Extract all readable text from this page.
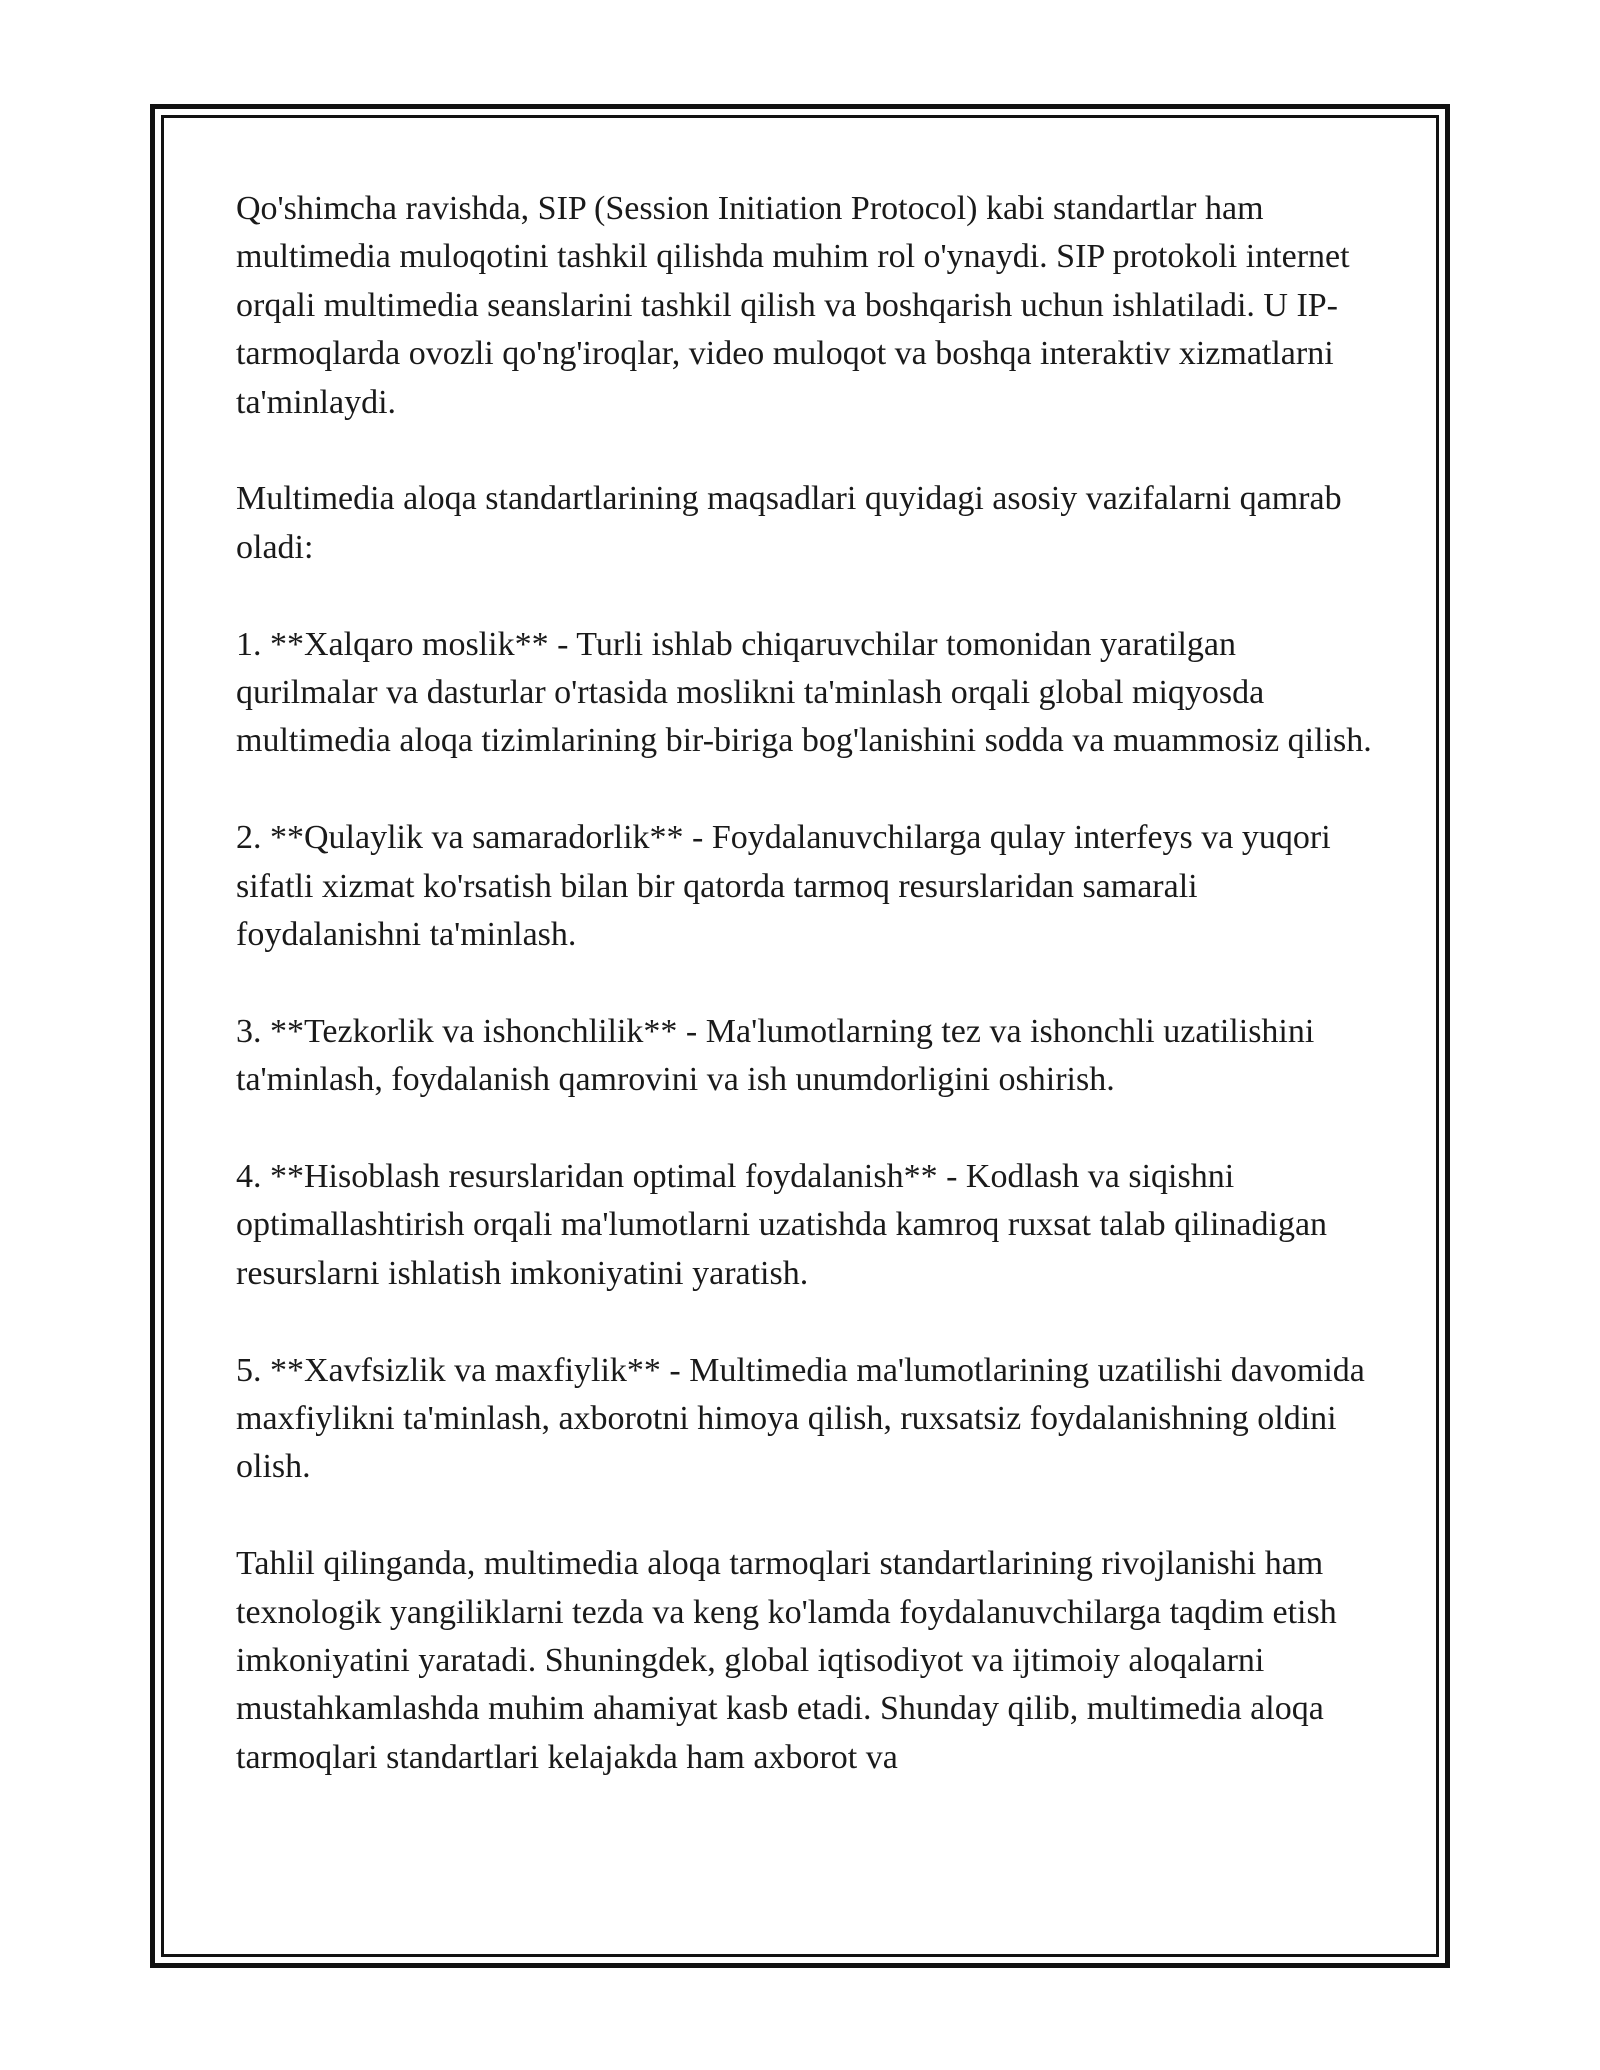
Qo'shimcha ravishda, SIP (Session Initiation Protocol) kabi standartlar ham multimedia muloqotini tashkil qilishda muhim rol o'ynaydi. SIP protokoli internet orqali multimedia seanslarini tashkil qilish va boshqarish uchun ishlatiladi. U IP-tarmoqlarda ovozli qo'ng'iroqlar, video muloqot va boshqa interaktiv xizmatlarni ta'minlaydi.

Multimedia aloqa standartlarining maqsadlari quyidagi asosiy vazifalarni qamrab oladi:

1. **Xalqaro moslik** - Turli ishlab chiqaruvchilar tomonidan yaratilgan qurilmalar va dasturlar o'rtasida moslikni ta'minlash orqali global miqyosda multimedia aloqa tizimlarining bir-biriga bog'lanishini sodda va muammosiz qilish.

2. **Qulaylik va samaradorlik** - Foydalanuvchilarga qulay interfeys va yuqori sifatli xizmat ko'rsatish bilan bir qatorda tarmoq resurslaridan samarali foydalanishni ta'minlash.

3. **Tezkorlik va ishonchlilik** - Ma'lumotlarning tez va ishonchli uzatilishini ta'minlash, foydalanish qamrovini va ish unumdorligini oshirish.

4. **Hisoblash resurslaridan optimal foydalanish** - Kodlash va siqishni optimallashtirish orqali ma'lumotlarni uzatishda kamroq ruxsat talab qilinadigan resurslarni ishlatish imkoniyatini yaratish.

5. **Xavfsizlik va maxfiylik** - Multimedia ma'lumotlarining uzatilishi davomida maxfiylikni ta'minlash, axborotni himoya qilish, ruxsatsiz foydalanishning oldini olish.

Tahlil qilinganda, multimedia aloqa tarmoqlari standartlarining rivojlanishi ham texnologik yangiliklarni tezda va keng ko'lamda foydalanuvchilarga taqdim etish imkoniyatini yaratadi. Shuningdek, global iqtisodiyot va ijtimoiy aloqalarni mustahkamlashda muhim ahamiyat kasb etadi. Shunday qilib, multimedia aloqa tarmoqlari standartlari kelajakda ham axborot va
